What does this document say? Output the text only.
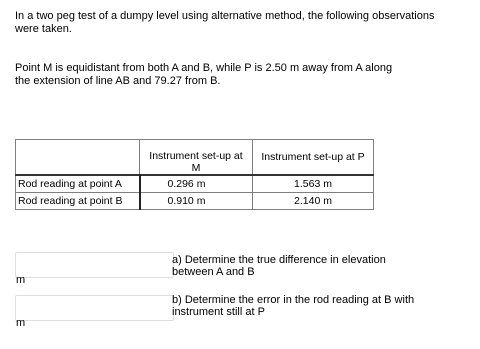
In a two peg test of a dumpy level using alternative method, the following observations
were taken.

Point M is equidistant from both A and B, while P is 2.50 m away from A along
the extension of line AB and 79.27 from B.

	Instrument set-up at
M	Instrument set-up at P
Rod reading at point A	0.296 m	1.563 m
Rod reading at point B	0.910 m	2.140 m
m

a) Determine the true difference in elevation
between A and B

m

b) Determine the error in the rod reading at B with
instrument still at P
